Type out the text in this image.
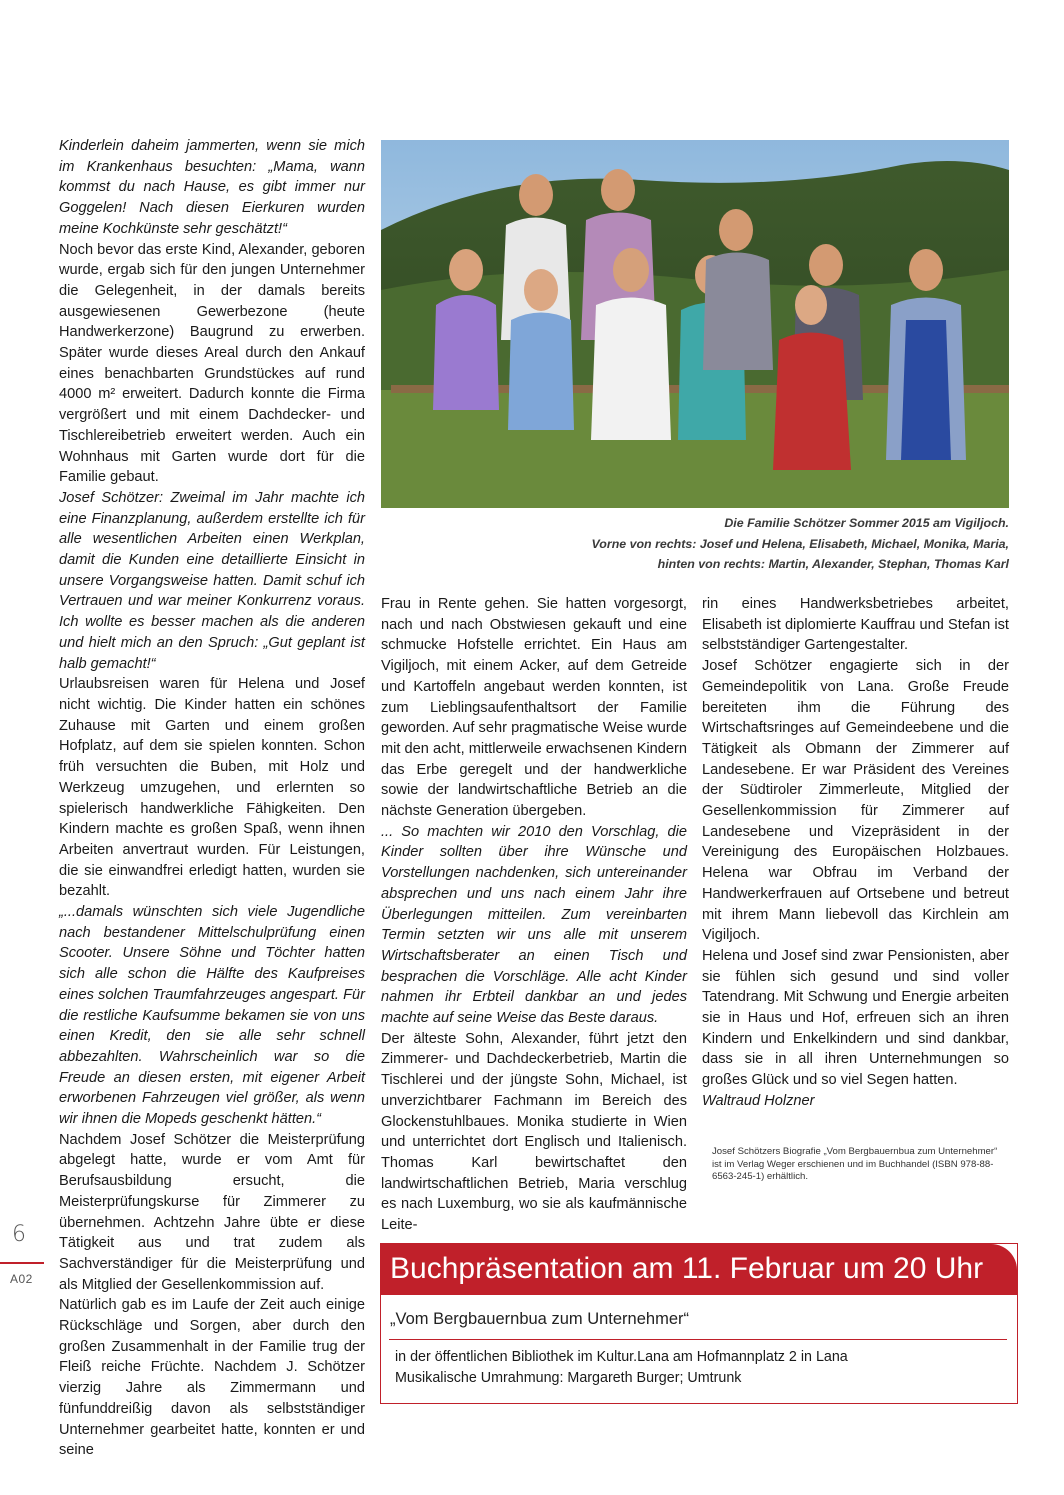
Kinderlein daheim jammerten, wenn sie mich im Krankenhaus besuchten: „Mama, wann kommst du nach Hause, es gibt immer nur Goggelen! Nach diesen Eierkuren wurden meine Kochkünste sehr geschätzt!“

Noch bevor das erste Kind, Alexander, geboren wurde, ergab sich für den jungen Unternehmer die Gelegenheit, in der damals bereits ausgewiesenen Gewerbezone (heute Handwerkerzone) Baugrund zu erwerben. Später wurde dieses Areal durch den Ankauf eines benachbarten Grundstückes auf rund 4000 m² erweitert. Dadurch konnte die Firma vergrößert und mit einem Dachdecker- und Tischlereibetrieb erweitert werden. Auch ein Wohnhaus mit Garten wurde dort für die Familie gebaut.

Josef Schötzer: Zweimal im Jahr machte ich eine Finanzplanung, außerdem erstellte ich für alle wesentlichen Arbeiten einen Werkplan, damit die Kunden eine detaillierte Einsicht in unsere Vorgangsweise hatten. Damit schuf ich Vertrauen und war meiner Konkurrenz voraus. Ich wollte es besser machen als die anderen und hielt mich an den Spruch: „Gut geplant ist halb gemacht!“

Urlaubsreisen waren für Helena und Josef nicht wichtig. Die Kinder hatten ein schönes Zuhause mit Garten und einem großen Hofplatz, auf dem sie spielen konnten. Schon früh versuchten die Buben, mit Holz und Werkzeug umzugehen, und erlernten so spielerisch handwerkliche Fähigkeiten. Den Kindern machte es großen Spaß, wenn ihnen Arbeiten anvertraut wurden. Für Leistungen, die sie einwandfrei erledigt hatten, wurden sie bezahlt.

„...damals wünschten sich viele Jugendliche nach bestandener Mittelschulprüfung einen Scooter. Unsere Söhne und Töchter hatten sich alle schon die Hälfte des Kaufpreises eines solchen Traumfahrzeuges angespart. Für die restliche Kaufsumme bekamen sie von uns einen Kredit, den sie alle sehr schnell abbezahlten. Wahrscheinlich war so die Freude an diesen ersten, mit eigener Arbeit erworbenen Fahrzeugen viel größer, als wenn wir ihnen die Mopeds geschenkt hätten.“

Nachdem Josef Schötzer die Meisterprüfung abgelegt hatte, wurde er vom Amt für Berufsausbildung ersucht, die Meisterprüfungskurse für Zimmerer zu übernehmen. Achtzehn Jahre übte er diese Tätigkeit aus und trat zudem als Sachverständiger für die Meisterprüfung und als Mitglied der Gesellenkommission auf.

Natürlich gab es im Laufe der Zeit auch einige Rückschläge und Sorgen, aber durch den großen Zusammenhalt in der Familie trug der Fleiß reiche Früchte. Nachdem J. Schötzer vierzig Jahre als Zimmermann und fünfunddreißig davon als selbstständiger Unternehmer gearbeitet hatte, konnten er und seine

Die Familie Schötzer Sommer 2015 am Vigiljoch.
Vorne von rechts: Josef und Helena, Elisabeth, Michael, Monika, Maria,
hinten von rechts: Martin, Alexander, Stephan, Thomas Karl

Frau in Rente gehen. Sie hatten vorgesorgt, nach und nach Obstwiesen gekauft und eine schmucke Hofstelle errichtet. Ein Haus am Vigiljoch, mit einem Acker, auf dem Getreide und Kartoffeln angebaut werden konnten, ist zum Lieblingsaufenthaltsort der Familie geworden. Auf sehr pragmatische Weise wurde mit den acht, mittlerweile erwachsenen Kindern das Erbe geregelt und der handwerkliche sowie der landwirtschaftliche Betrieb an die nächste Generation übergeben.

... So machten wir 2010 den Vorschlag, die Kinder sollten über ihre Wünsche und Vorstellungen nachdenken, sich untereinander absprechen und uns nach einem Jahr ihre Überlegungen mitteilen. Zum vereinbarten Termin setzten wir uns alle mit unserem Wirtschaftsberater an einen Tisch und besprachen die Vorschläge. Alle acht Kinder nahmen ihr Erbteil dankbar an und jedes machte auf seine Weise das Beste daraus.

Der älteste Sohn, Alexander, führt jetzt den Zimmerer- und Dachdeckerbetrieb, Martin die Tischlerei und der jüngste Sohn, Michael, ist unverzichtbarer Fachmann im Bereich des Glockenstuhlbaues. Monika studierte in Wien und unterrichtet dort Englisch und Italienisch. Thomas Karl bewirtschaftet den landwirtschaftlichen Betrieb, Maria verschlug es nach Luxemburg, wo sie als kaufmännische Leite-

rin eines Handwerksbetriebes arbeitet, Elisabeth ist diplomierte Kauffrau und Stefan ist selbstständiger Gartengestalter.

Josef Schötzer engagierte sich in der Gemeindepolitik von Lana. Große Freude bereiteten ihm die Führung des Wirtschaftsringes auf Gemeindeebene und die Tätigkeit als Obmann der Zimmerer auf Landesebene. Er war Präsident des Vereines der Südtiroler Zimmerleute, Mitglied der Gesellenkommission für Zimmerer auf Landesebene und Vizepräsident in der Vereinigung des Europäischen Holzbaues. Helena war Obfrau im Verband der Handwerkerfrauen auf Ortsebene und betreut mit ihrem Mann liebevoll das Kirchlein am Vigiljoch.

Helena und Josef sind zwar Pensionisten, aber sie fühlen sich gesund und sind voller Tatendrang. Mit Schwung und Energie arbeiten sie in Haus und Hof, erfreuen sich an ihren Kindern und Enkelkindern und sind dankbar, dass sie in all ihren Unternehmungen so großes Glück und so viel Segen hatten.

Waltraud Holzner

Josef Schötzers Biografie „Vom Bergbauernbua zum Unternehmer“ ist im Verlag Weger erschienen und im Buchhandel (ISBN 978-88-6563-245-1) erhältlich.
6
A02	Buchpräsentation am 11. Februar um 20 Uhr
„Vom Bergbauernbua zum Unternehmer“
in der öffentlichen Bibliothek im Kultur.Lana am Hofmannplatz 2 in Lana
Musikalische Umrahmung: Margareth Burger; Umtrunk
